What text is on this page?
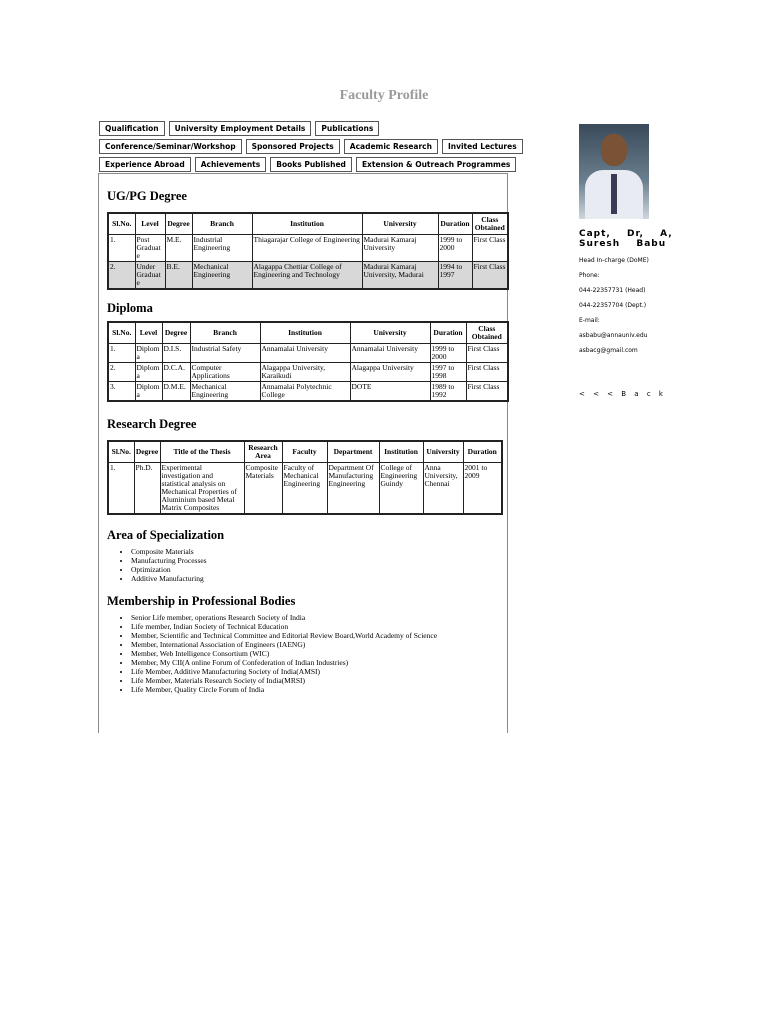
Faculty Profile
Qualification	University Employment Details	Publications
Conference/Seminar/Workshop	Sponsored Projects	Academic Research	Invited Lectures
Experience Abroad	Achievements	Books Published	Extension & Outreach Programmes
UG/PG Degree
Sl.No.	Level	Degree	Branch	Institution	University	Duration	Class Obtained
1.	Post Graduate	M.E.	Industrial Engineering	Thiagarajar College of Engineering	Madurai Kamaraj University	1999 to 2000	First Class
2.	Under Graduate	B.E.	Mechanical Engineering	Alagappa Chettiar College of Engineering and Technology	Madurai Kamaraj University, Madurai	1994 to 1997	First Class
Diploma
Sl.No.	Level	Degree	Branch	Institution	University	Duration	Class Obtained
1.	Diploma	D.I.S.	Industrial Safety	Annamalai University	Annamalai University	1999 to 2000	First Class
2.	Diploma	D.C.A.	Computer Applications	Alagappa University, Karaikudi	Alagappa University	1997 to 1998	First Class
3.	Diploma	D.M.E.	Mechanical Engineering	Annamalai Polytechnic College	DOTE	1989 to 1992	First Class
Research Degree
Sl.No.	Degree	Title of the Thesis	Research Area	Faculty	Department	Institution	University	Duration
1.	Ph.D.	Experimental investigation and statistical analysis on Mechanical Properties of Aluminium based Metal Matrix Composites	Composite Materials	Faculty of Mechanical Engineering	Department Of Manufacturing Engineering	College of Engineering Guindy	Anna University, Chennai	2001 to 2009
Area of Specialization
• Composite Materials
• Manufacturing Processes
• Optimization
• Additive Manufacturing
Membership in Professional Bodies
• Senior Life member, operations Research Society of India
• Life member, Indian Society of Technical Education
• Member, Scientific and Technical Committee and Editorial Review Board,World Academy of Science
• Member, International Association of Engineers (IAENG)
• Member, Web Intelligence Consortium (WIC)
• Member, My CII(A online Forum of Confederation of Indian Industries)
• Life Member, Additive Manufacturing Society of India(AMSI)
• Life Member, Materials Research Society of India(MRSI)
• Life Member, Quality Circle Forum of India
Capt, Dr, A, Suresh Babu
Head In-charge (DoME)
Phone:
044-22357731 (Head)
044-22357704 (Dept.)
E-mail:
asbabu@annauniv.edu
asbacg@gmail.com
< < < B a c k
